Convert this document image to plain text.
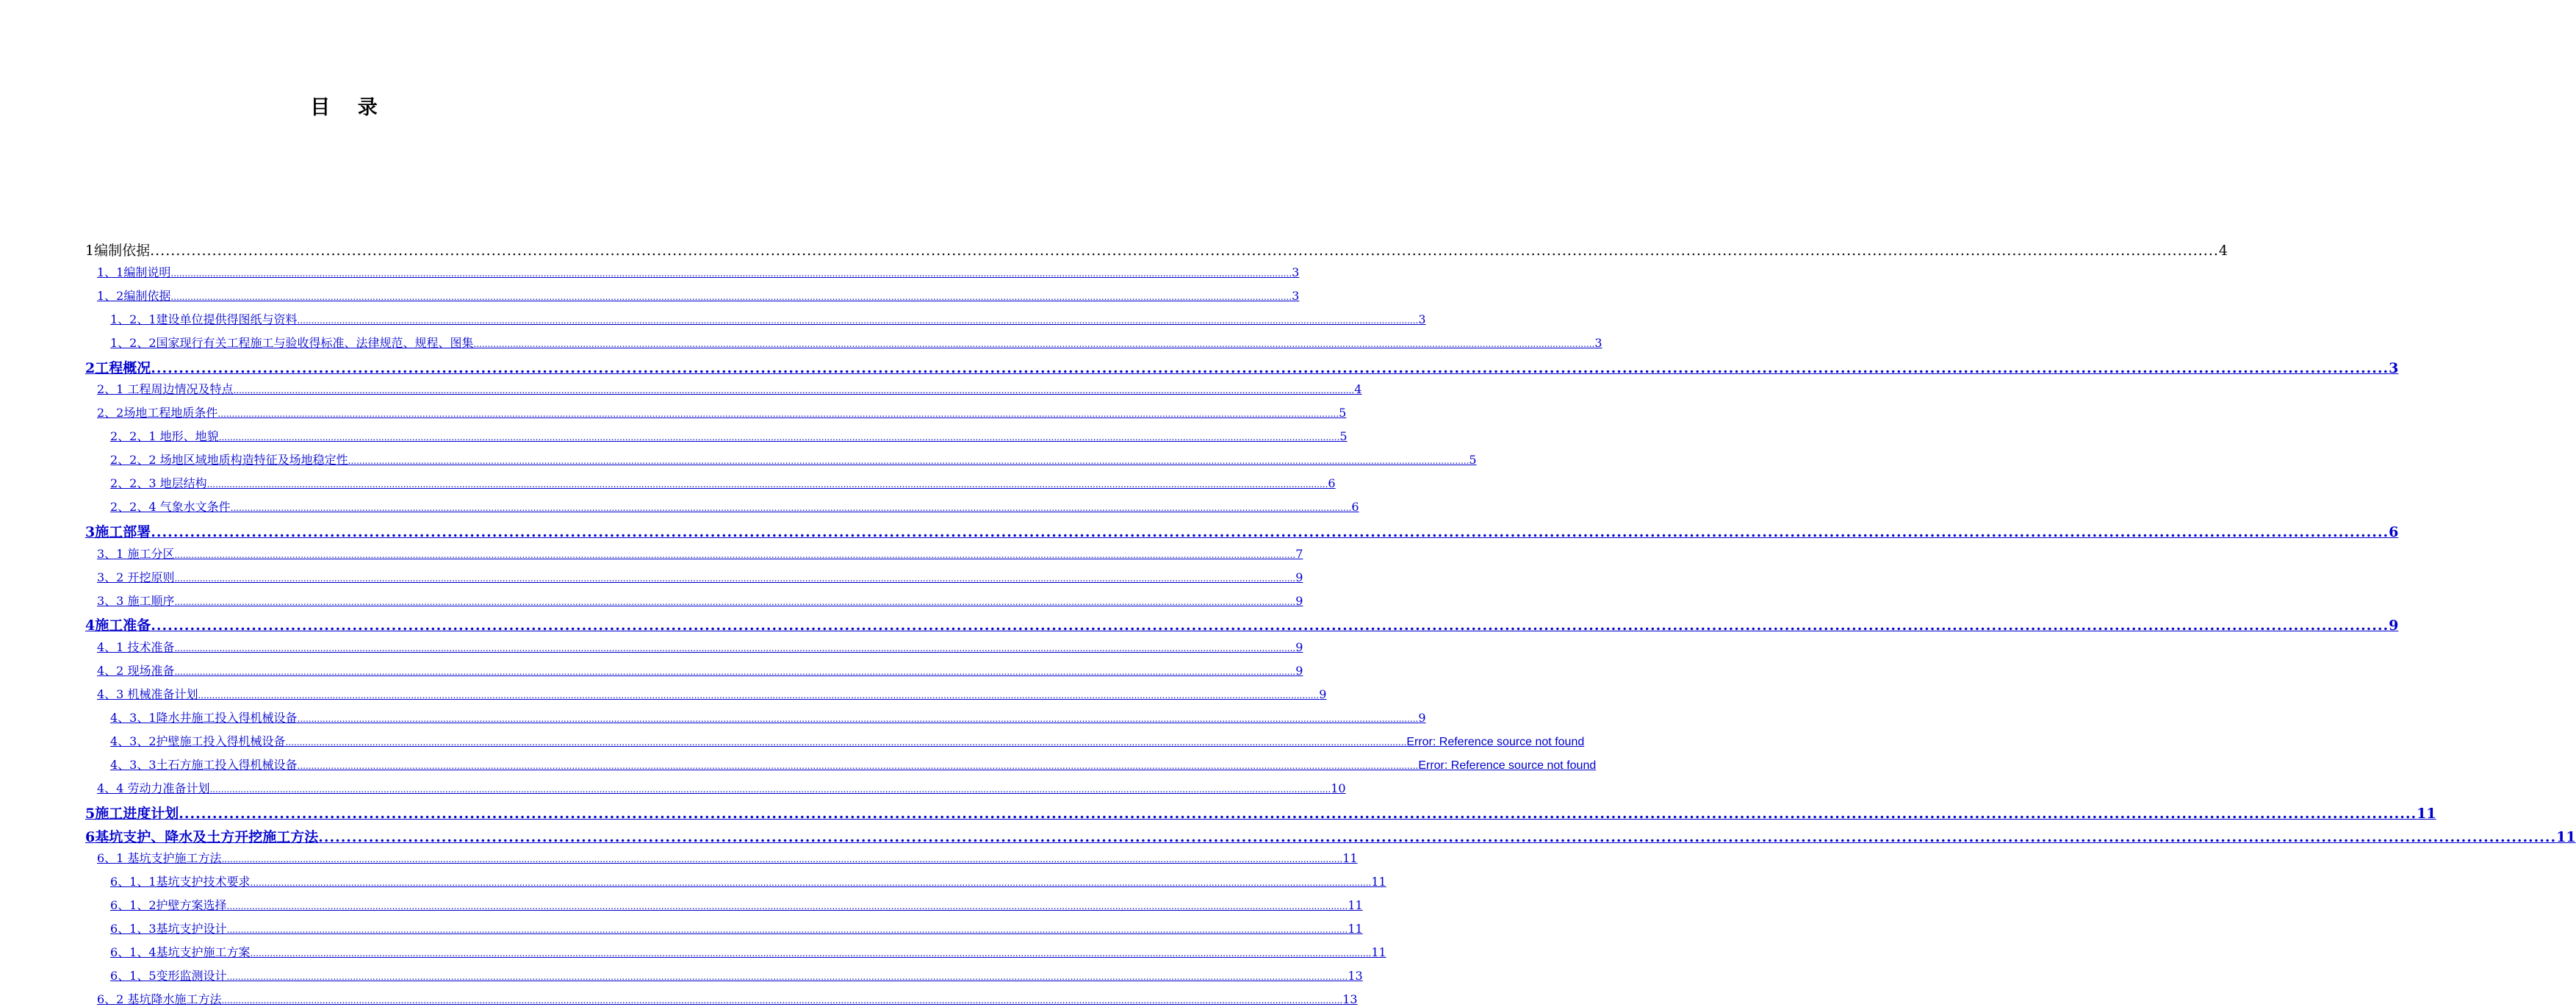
目 录
1编制依据 ................................................................................................................................................................................................................................................................................................................................................................................................................ 4
1、1编制说明 ................................................................................................................................................................................................................................................................................................................................................................................................................ 3
1、2编制依据 ................................................................................................................................................................................................................................................................................................................................................................................................................ 3
1、2、1建设单位提供得图纸与资料 ................................................................................................................................................................................................................................................................................................................................................................................................................ 3
1、2、2国家现行有关工程施工与验收得标准、法律规范、规程、图集 ................................................................................................................................................................................................................................................................................................................................................................................................................ 3
2工程概况 ................................................................................................................................................................................................................................................................................................................................................................................................................ 3
2、1 工程周边情况及特点 ................................................................................................................................................................................................................................................................................................................................................................................................................ 4
2、2场地工程地质条件 ................................................................................................................................................................................................................................................................................................................................................................................................................ 5
2、2、1 地形、地貌 ................................................................................................................................................................................................................................................................................................................................................................................................................ 5
2、2、2 场地区域地质构造特征及场地稳定性 ................................................................................................................................................................................................................................................................................................................................................................................................................ 5
2、2、3 地层结构 ................................................................................................................................................................................................................................................................................................................................................................................................................ 6
2、2、4 气象水文条件 ................................................................................................................................................................................................................................................................................................................................................................................................................ 6
3施工部署 ................................................................................................................................................................................................................................................................................................................................................................................................................ 6
3、1 施工分区 ................................................................................................................................................................................................................................................................................................................................................................................................................ 7
3、2 开挖原则 ................................................................................................................................................................................................................................................................................................................................................................................................................ 9
3、3 施工顺序 ................................................................................................................................................................................................................................................................................................................................................................................................................ 9
4施工准备 ................................................................................................................................................................................................................................................................................................................................................................................................................ 9
4、1 技术准备 ................................................................................................................................................................................................................................................................................................................................................................................................................ 9
4、2 现场准备 ................................................................................................................................................................................................................................................................................................................................................................................................................ 9
4、3 机械准备计划 ................................................................................................................................................................................................................................................................................................................................................................................................................ 9
4、3、1降水井施工投入得机械设备 ................................................................................................................................................................................................................................................................................................................................................................................................................ 9
4、3、2护壁施工投入得机械设备 ................................................................................................................................................................................................................................................................................................................................................................................................................ Error: Reference source not found
4、3、3土石方施工投入得机械设备 ................................................................................................................................................................................................................................................................................................................................................................................................................ Error: Reference source not found
4、4 劳动力准备计划 ................................................................................................................................................................................................................................................................................................................................................................................................................ 10
5施工进度计划 ................................................................................................................................................................................................................................................................................................................................................................................................................ 11
6基坑支护、降水及土方开挖施工方法 ................................................................................................................................................................................................................................................................................................................................................................................................................ 11
6、1 基坑支护施工方法 ................................................................................................................................................................................................................................................................................................................................................................................................................ 11
6、1、1基坑支护技术要求 ................................................................................................................................................................................................................................................................................................................................................................................................................ 11
6、1、2护壁方案选择 ................................................................................................................................................................................................................................................................................................................................................................................................................ 11
6、1、3基坑支护设计 ................................................................................................................................................................................................................................................................................................................................................................................................................ 11
6、1、4基坑支护施工方案 ................................................................................................................................................................................................................................................................................................................................................................................................................ 11
6、1、5变形监测设计 ................................................................................................................................................................................................................................................................................................................................................................................................................ 13
6、2 基坑降水施工方法 ................................................................................................................................................................................................................................................................................................................................................................................................................ 13
